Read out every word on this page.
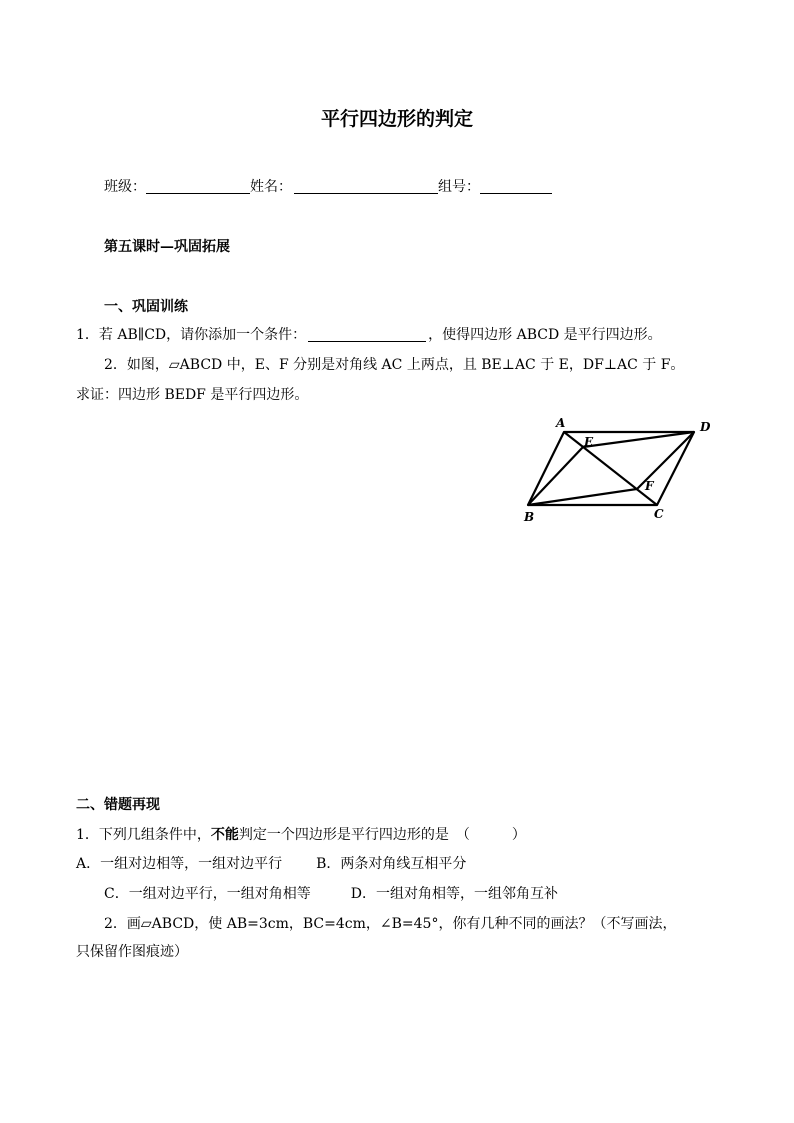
平行四边形的判定
班级：	姓名：	组号：
第五课时—巩固拓展
一、巩固训练
1．若 AB∥CD，请你添加一个条件：	，使得四边形 ABCD 是平行四边形。
2．如图，▱ABCD 中，E、F 分别是对角线 AC 上两点，且 BE⊥AC 于 E，DF⊥AC 于 F。
求证：四边形 BEDF 是平行四边形。
A
E
D
F
B	C
二、错题再现
1．下列几组条件中，不能判定一个四边形是平行四边形的是　（　　　）
A．一组对边相等，一组对边平行 B．两条对角线互相平分
C．一组对边平行，一组对角相等	D．一组对角相等，一组邻角互补
2．画▱ABCD，使 AB=3cm，BC=4cm，∠B=45°，你有几种不同的画法？（不写画法，
只保留作图痕迹）
